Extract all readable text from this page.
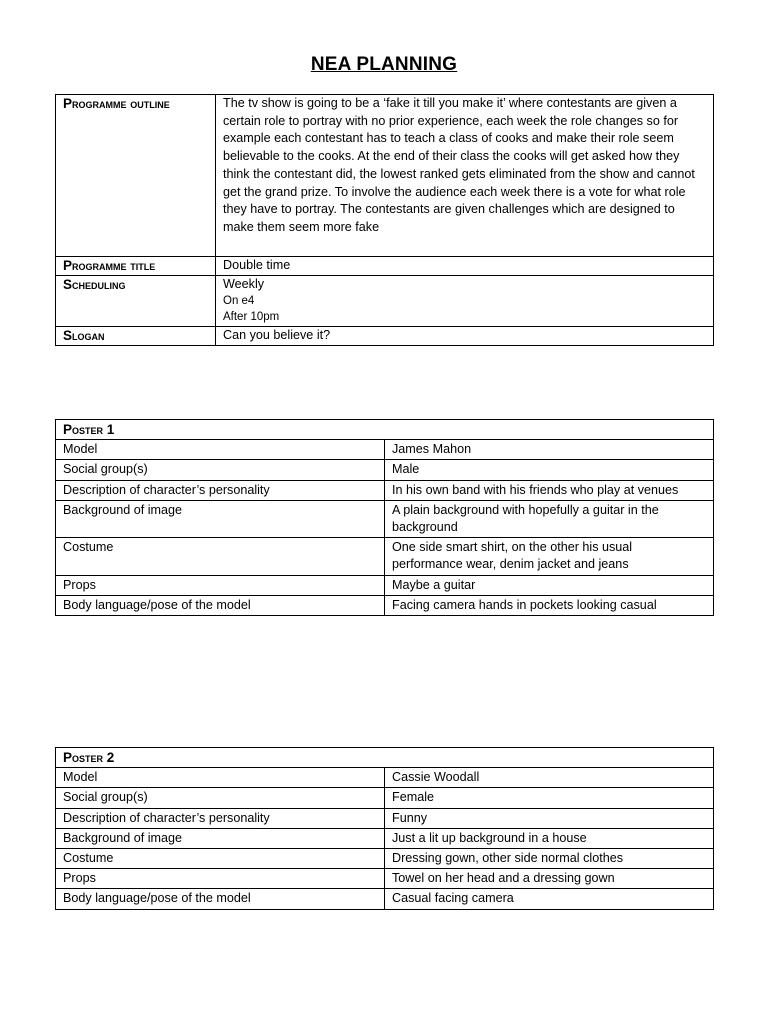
NEA PLANNING
Programme outline	The tv show is going to be a ‘fake it till you make it’ where contestants are given a certain role to portray with no prior experience, each week the role changes so for example each contestant has to teach a class of cooks and make their role seem believable to the cooks. At the end of their class the cooks will get asked how they think the contestant did, the lowest ranked gets eliminated from the show and cannot get the grand prize. To involve the audience each week there is a vote for what role they have to portray. The contestants are given challenges which are designed to make them seem more fake

Programme title	Double time
Scheduling	Weekly
On e4
After 10pm

Slogan	Can you believe it?
Poster 1	
Model	James Mahon
Social group(s)	Male
Description of character’s personality	In his own band with his friends who play at venues
Background of image	A plain background with hopefully a guitar in the background
Costume	One side smart shirt, on the other his usual performance wear, denim jacket and jeans
Props	Maybe a guitar
Body language/pose of the model	Facing camera hands in pockets looking casual
Poster 2	
Model	Cassie Woodall
Social group(s)	Female
Description of character’s personality	Funny
Background of image	Just a lit up background in a house
Costume	Dressing gown, other side normal clothes
Props	Towel on her head and a dressing gown
Body language/pose of the model	Casual facing camera
